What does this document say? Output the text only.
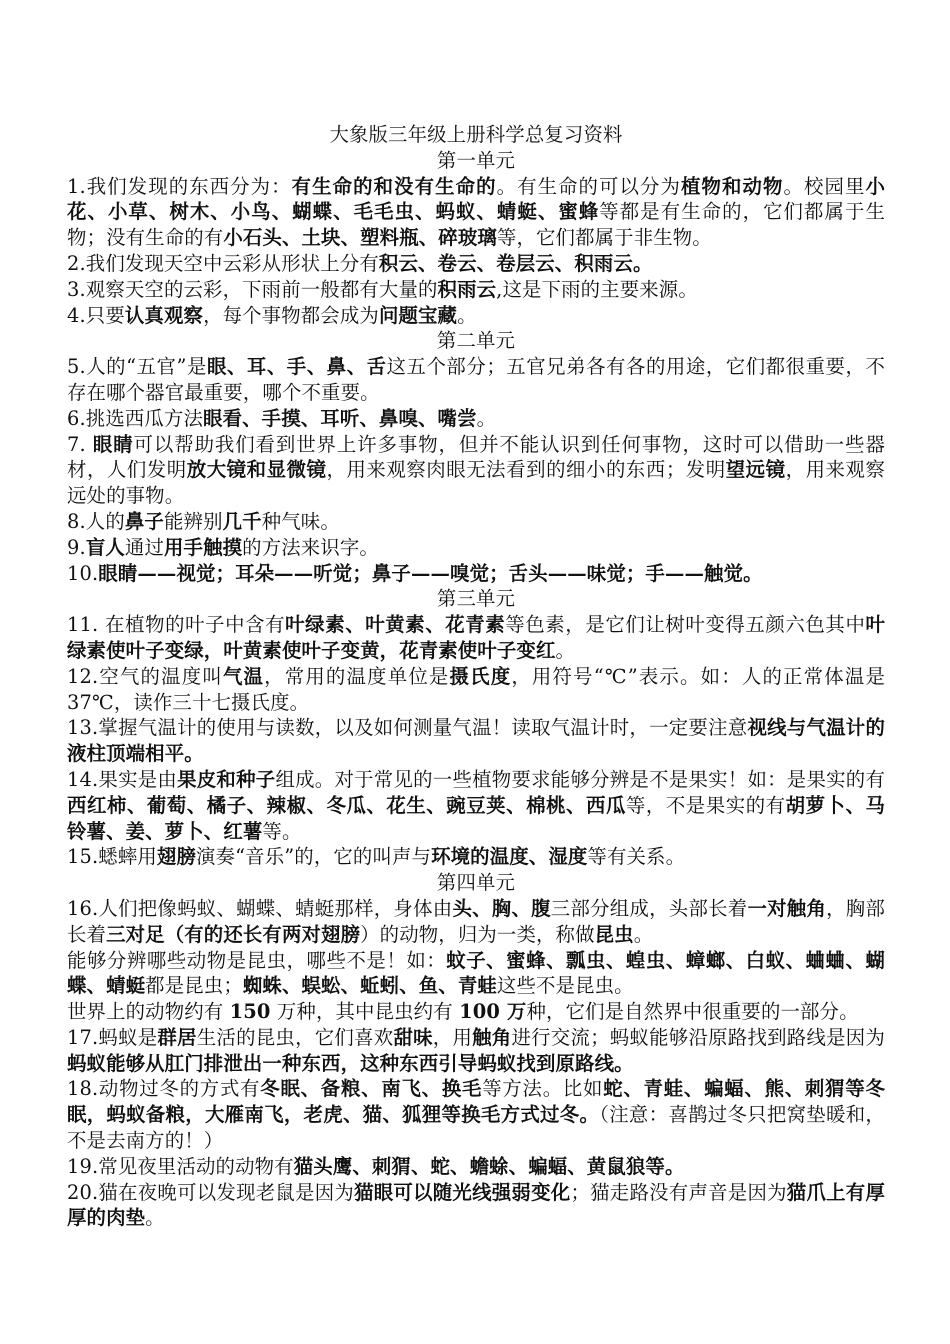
大象版三年级上册科学总复习资料

第一单元

1.我们发现的东西分为：有生命的和没有生命的。有生命的可以分为植物和动物。校园里小花、小草、树木、小鸟、蝴蝶、毛毛虫、蚂蚁、蜻蜓、蜜蜂等都是有生命的，它们都属于生物；没有生命的有小石头、土块、塑料瓶、碎玻璃等，它们都属于非生物。

2.我们发现天空中云彩从形状上分有积云、卷云、卷层云、积雨云。

3.观察天空的云彩，下雨前一般都有大量的积雨云,这是下雨的主要来源。

4.只要认真观察，每个事物都会成为问题宝藏。

第二单元

5.人的“五官”是眼、耳、手、鼻、舌这五个部分；五官兄弟各有各的用途，它们都很重要，不存在哪个器官最重要，哪个不重要。

6.挑选西瓜方法眼看、手摸、耳听、鼻嗅、嘴尝。

7. 眼睛可以帮助我们看到世界上许多事物，但并不能认识到任何事物，这时可以借助一些器材，人们发明放大镜和显微镜，用来观察肉眼无法看到的细小的东西；发明望远镜，用来观察远处的事物。

8.人的鼻子能辨别几千种气味。

9.盲人通过用手触摸的方法来识字。

10.眼睛——视觉；耳朵——听觉；鼻子——嗅觉；舌头——味觉；手——触觉。

第三单元

11. 在植物的叶子中含有叶绿素、叶黄素、花青素等色素，是它们让树叶变得五颜六色其中叶绿素使叶子变绿，叶黄素使叶子变黄，花青素使叶子变红。

12.空气的温度叫气温，常用的温度单位是摄氏度，用符号“℃”表示。如：人的正常体温是 37℃，读作三十七摄氏度。

13.掌握气温计的使用与读数，以及如何测量气温！读取气温计时，一定要注意视线与气温计的液柱顶端相平。

14.果实是由果皮和种子组成。对于常见的一些植物要求能够分辨是不是果实！如：是果实的有西红柿、葡萄、橘子、辣椒、冬瓜、花生、豌豆荚、棉桃、西瓜等，不是果实的有胡萝卜、马铃薯、姜、萝卜、红薯等。

15.蟋蟀用翅膀演奏“音乐”的，它的叫声与环境的温度、湿度等有关系。

第四单元

16.人们把像蚂蚁、蝴蝶、蜻蜓那样，身体由头、胸、腹三部分组成，头部长着一对触角，胸部长着三对足（有的还长有两对翅膀）的动物，归为一类，称做昆虫。

能够分辨哪些动物是昆虫，哪些不是！如：蚊子、蜜蜂、瓢虫、蝗虫、蟑螂、白蚁、蛐蛐、蝴蝶、蜻蜓都是昆虫；蜘蛛、蜈蚣、蚯蚓、鱼、青蛙这些不是昆虫。

世界上的动物约有 150 万种，其中昆虫约有 100 万种，它们是自然界中很重要的一部分。

17.蚂蚁是群居生活的昆虫，它们喜欢甜味，用触角进行交流；蚂蚁能够沿原路找到路线是因为蚂蚁能够从肛门排泄出一种东西，这种东西引导蚂蚁找到原路线。

18.动物过冬的方式有冬眠、备粮、南飞、换毛等方法。比如蛇、青蛙、蝙蝠、熊、刺猬等冬眠，蚂蚁备粮，大雁南飞，老虎、猫、狐狸等换毛方式过冬。（注意：喜鹊过冬只把窝垫暖和，不是去南方的！）

19.常见夜里活动的动物有猫头鹰、刺猬、蛇、蟾蜍、蝙蝠、黄鼠狼等。

20.猫在夜晚可以发现老鼠是因为猫眼可以随光线强弱变化；猫走路没有声音是因为猫爪上有厚厚的肉垫。
